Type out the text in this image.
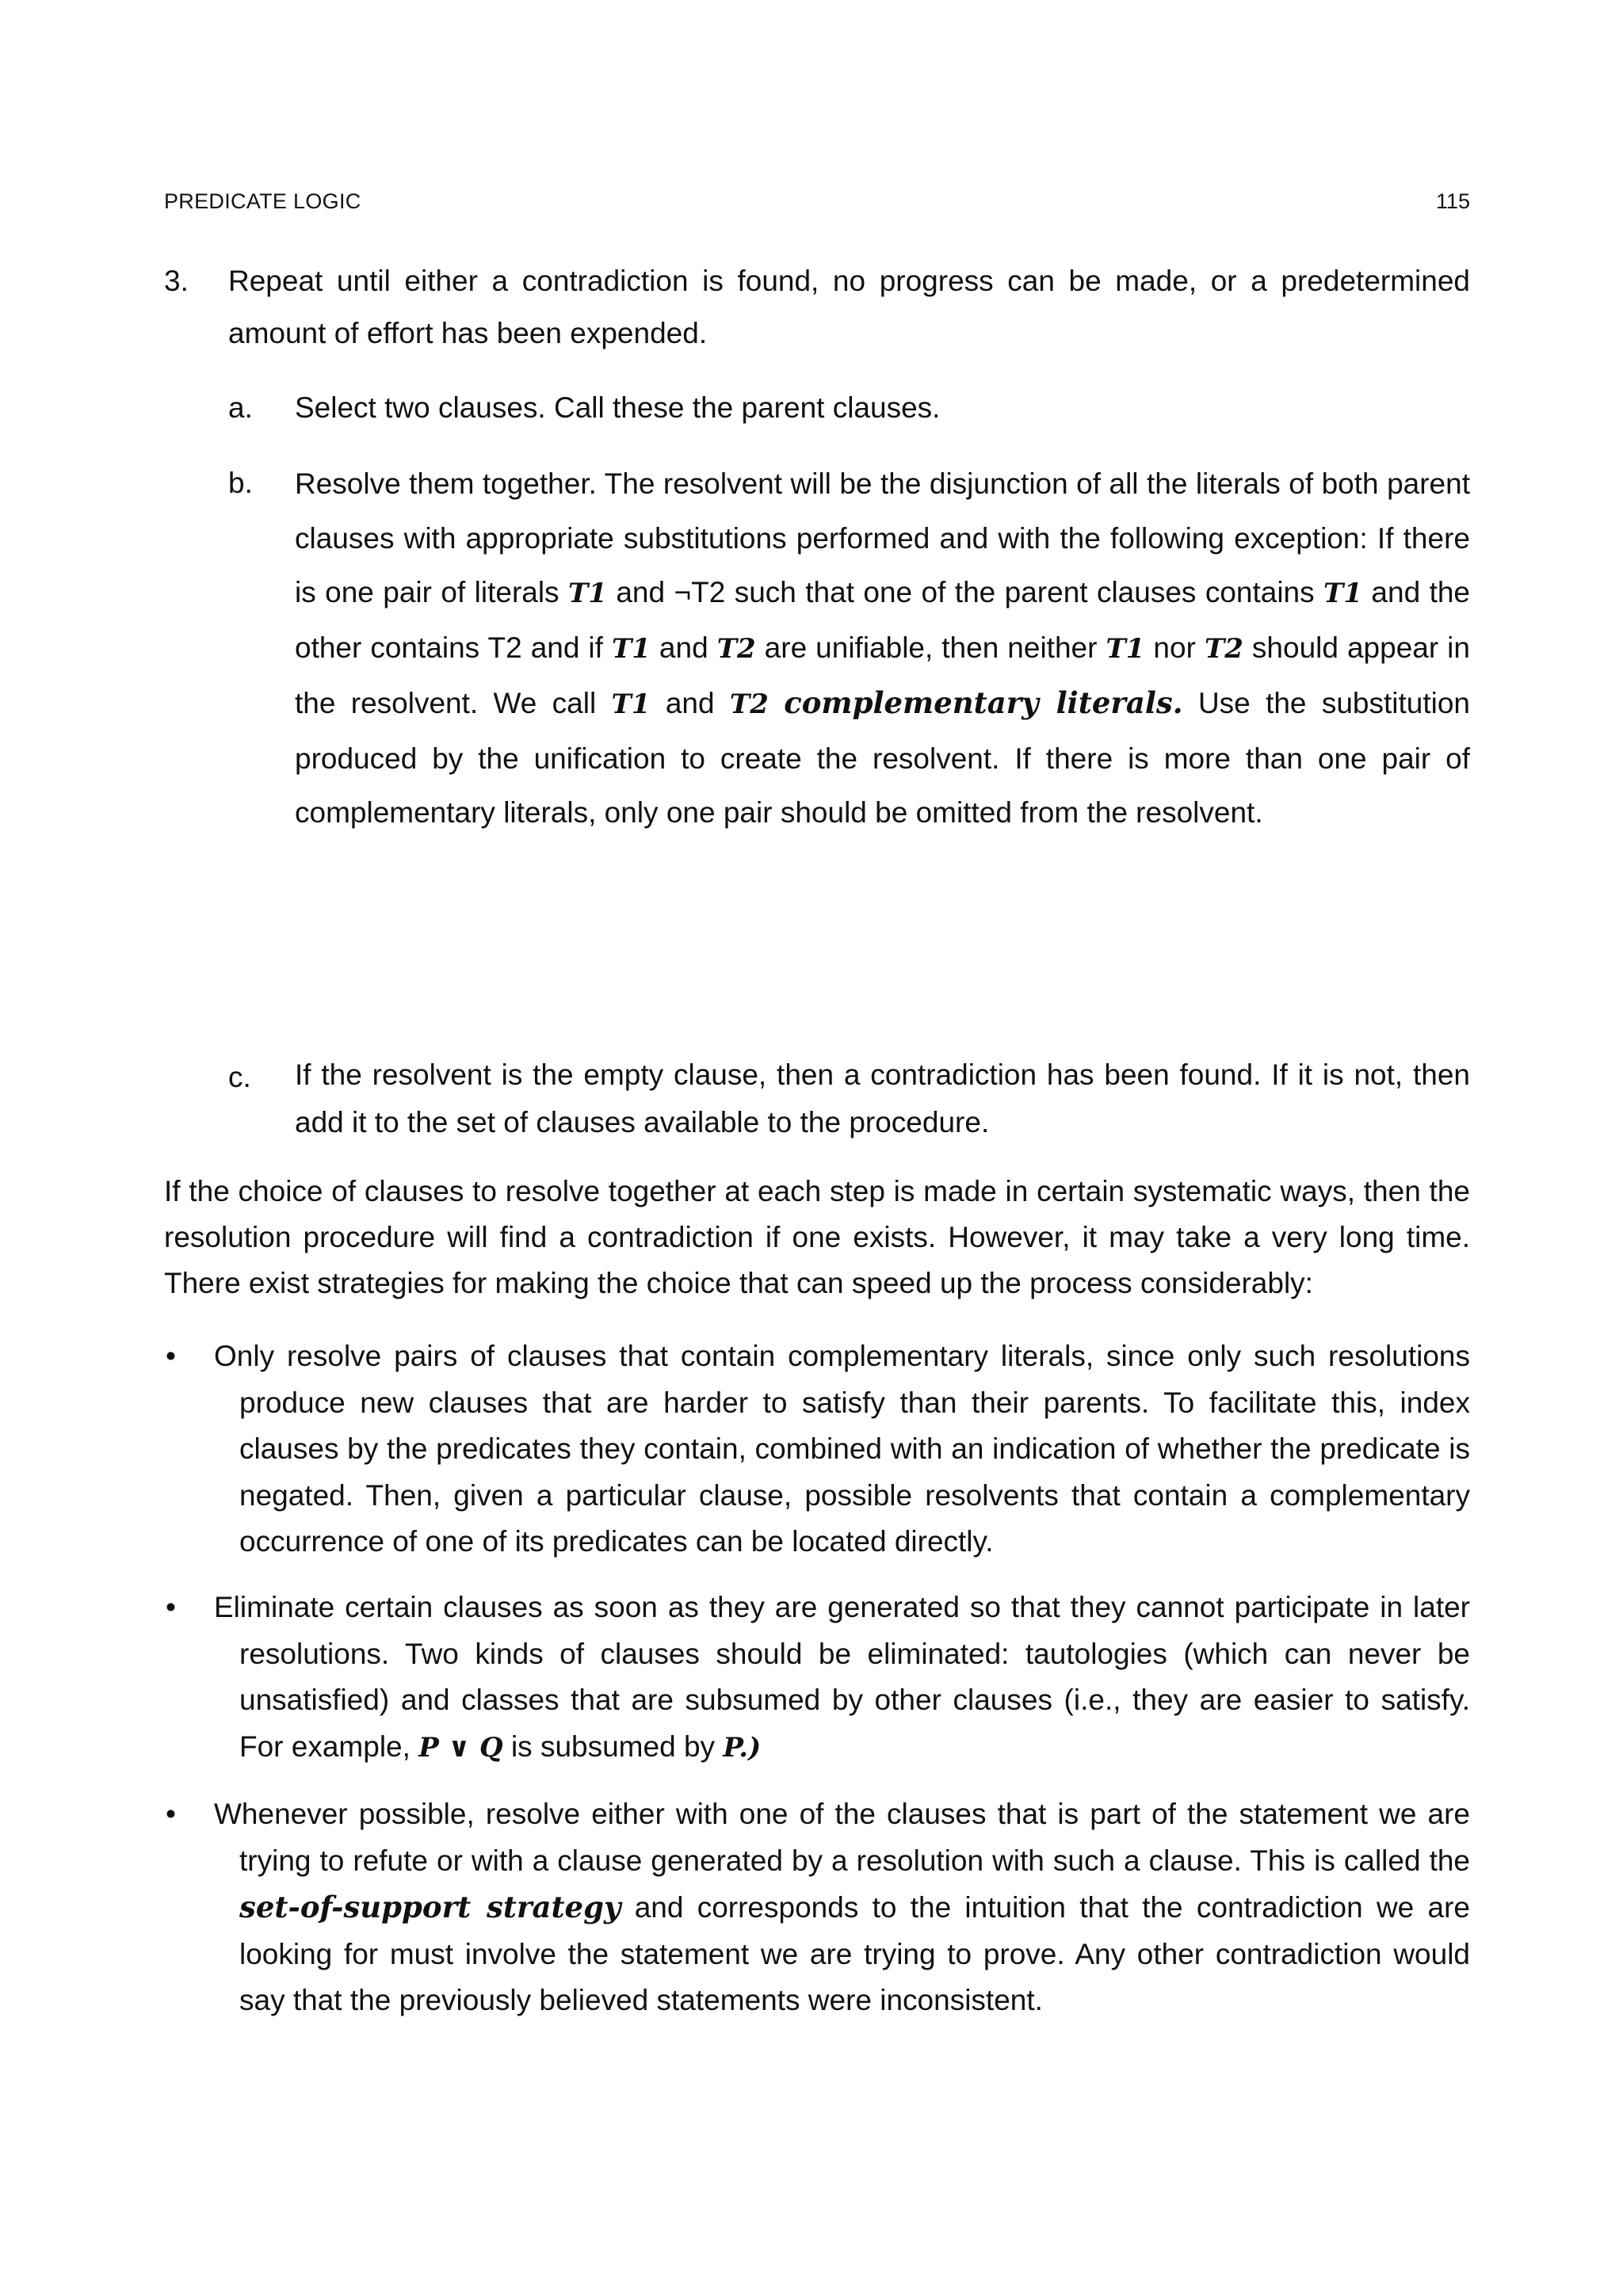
PREDICATE LOGIC	115
3. Repeat until either a contradiction is found, no progress can be made, or a predetermined amount of effort has been expended.
a. Select two clauses. Call these the parent clauses.
b. Resolve them together. The resolvent will be the disjunction of all the literals of both parent clauses with appropriate substitutions performed and with the following exception: If there is one pair of literals T1 and ¬T2 such that one of the parent clauses contains T1 and the other contains T2 and if T1 and T2 are unifiable, then neither T1 nor T2 should appear in the resolvent. We call T1 and T2 complementary literals. Use the substitution produced by the unification to create the resolvent. If there is more than one pair of complementary literals, only one pair should be omitted from the resolvent.
c. If the resolvent is the empty clause, then a contradiction has been found. If it is not, then add it to the set of clauses available to the procedure.
If the choice of clauses to resolve together at each step is made in certain systematic ways, then the resolution procedure will find a contradiction if one exists. However, it may take a very long time. There exist strategies for making the choice that can speed up the process considerably:
• Only resolve pairs of clauses that contain complementary literals, since only such resolutions produce new clauses that are harder to satisfy than their parents. To facilitate this, index clauses by the predicates they contain, combined with an indication of whether the predicate is negated. Then, given a particular clause, possible resolvents that contain a complementary occurrence of one of its predicates can be located directly.
• Eliminate certain clauses as soon as they are generated so that they cannot participate in later resolutions. Two kinds of clauses should be eliminated: tautologies (which can never be unsatisfied) and classes that are subsumed by other clauses (i.e., they are easier to satisfy. For example, P ∨ Q is subsumed by P.)
• Whenever possible, resolve either with one of the clauses that is part of the statement we are trying to refute or with a clause generated by a resolution with such a clause. This is called the set-of-support strategy and corresponds to the intuition that the contradiction we are looking for must involve the statement we are trying to prove. Any other contradiction would say that the previously believed statements were inconsistent.
